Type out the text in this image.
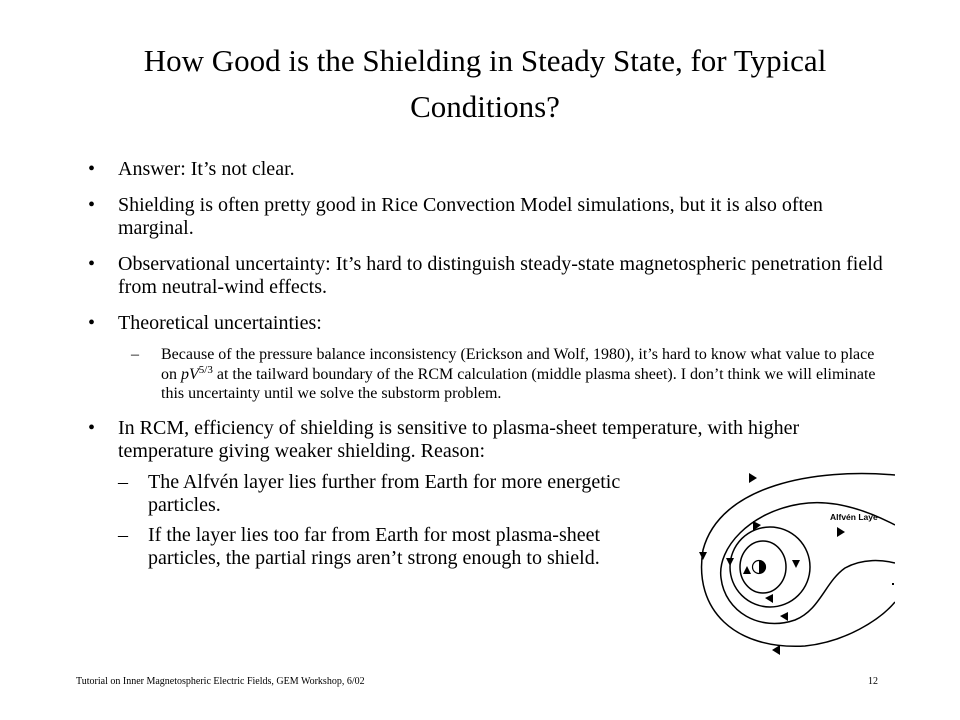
How Good is the Shielding in Steady State, for Typical Conditions?
• Answer: It’s not clear.
• Shielding is often pretty good in Rice Convection Model simulations, but it is also often marginal.
• Observational uncertainty: It’s hard to distinguish steady-state magnetospheric penetration field from neutral-wind effects.
• Theoretical uncertainties:
– Because of the pressure balance inconsistency (Erickson and Wolf, 1980), it’s hard to know what value to place on $pV^{5/3}$ at the tailward boundary of the RCM calculation (middle plasma sheet). I don’t think we will eliminate this uncertainty until we solve the substorm problem.
• In RCM, efficiency of shielding is sensitive to plasma-sheet temperature, with higher temperature giving weaker shielding. Reason:
– The Alfvén layer lies further from Earth for more energetic particles.
– If the layer lies too far from Earth for most plasma-sheet particles, the partial rings aren’t strong enough to shield.
Alfvén Laye
Tutorial on Inner Magnetospheric Electric Fields, GEM Workshop, 6/02	12
